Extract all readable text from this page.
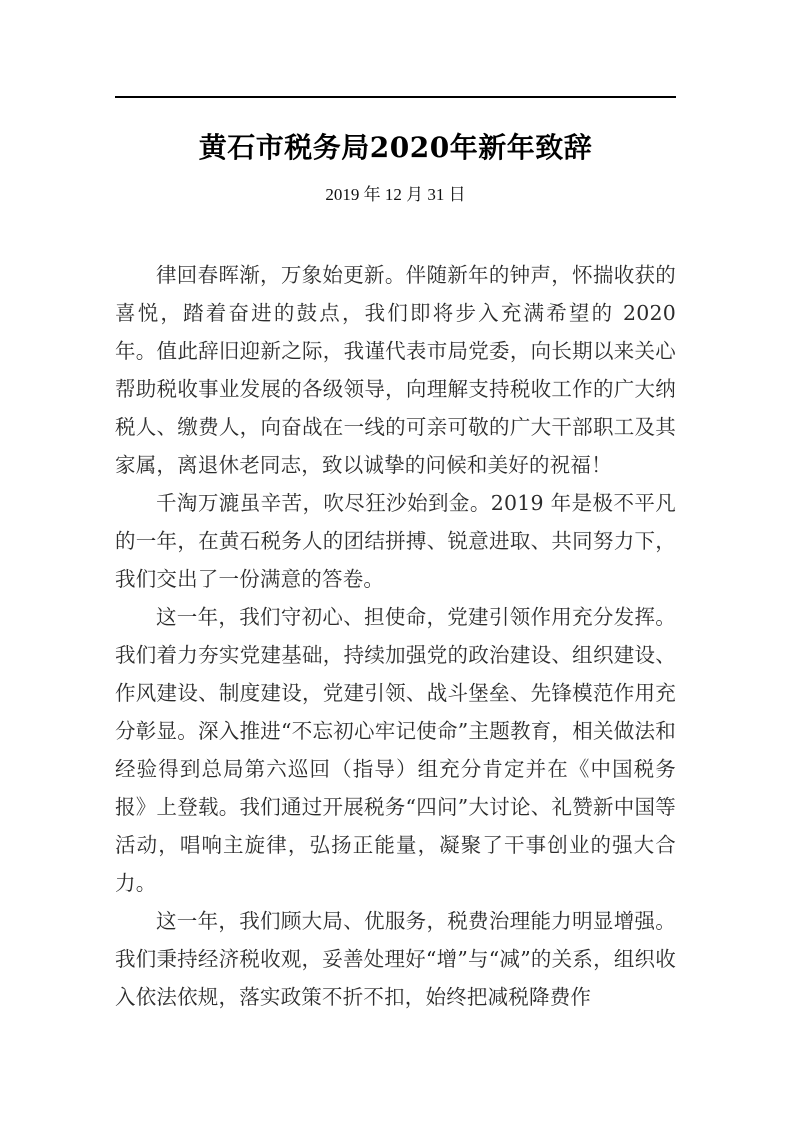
黄石市税务局2020年新年致辞

2019 年 12 月 31 日

律回春晖渐，万象始更新。伴随新年的钟声，怀揣收获的喜悦，踏着奋进的鼓点，我们即将步入充满希望的 2020 年。值此辞旧迎新之际，我谨代表市局党委，向长期以来关心帮助税收事业发展的各级领导，向理解支持税收工作的广大纳税人、缴费人，向奋战在一线的可亲可敬的广大干部职工及其家属，离退休老同志，致以诚挚的问候和美好的祝福！

千淘万漉虽辛苦，吹尽狂沙始到金。2019 年是极不平凡的一年，在黄石税务人的团结拼搏、锐意进取、共同努力下，我们交出了一份满意的答卷。

这一年，我们守初心、担使命，党建引领作用充分发挥。我们着力夯实党建基础，持续加强党的政治建设、组织建设、作风建设、制度建设，党建引领、战斗堡垒、先锋模范作用充分彰显。深入推进“不忘初心牢记使命”主题教育，相关做法和经验得到总局第六巡回（指导）组充分肯定并在《中国税务报》上登载。我们通过开展税务“四问”大讨论、礼赞新中国等活动，唱响主旋律，弘扬正能量，凝聚了干事创业的强大合力。

这一年，我们顾大局、优服务，税费治理能力明显增强。我们秉持经济税收观，妥善处理好“增”与“减”的关系，组织收入依法依规，落实政策不折不扣，始终把减税降费作
